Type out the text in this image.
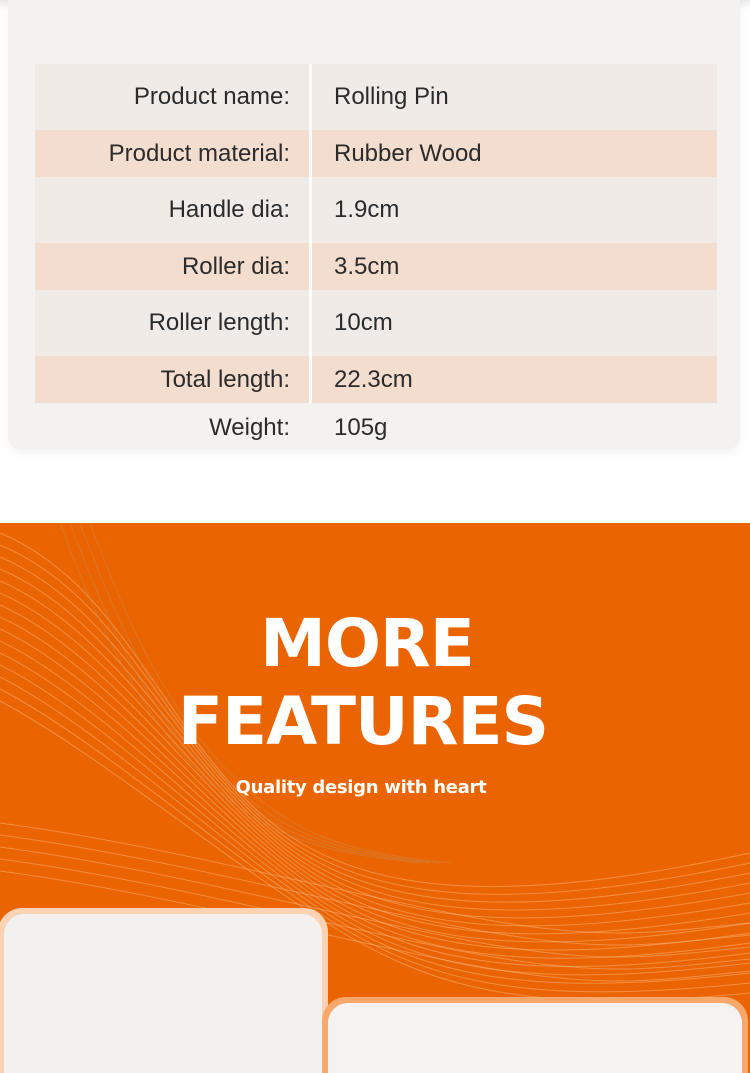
Product name:	Rolling Pin
Product material:	Rubber Wood
Handle dia:	1.9cm
Roller dia:	3.5cm
Roller length:	10cm
Total length:	22.3cm
Weight:	105g
MORE
FEATURES
Quality design with heart
